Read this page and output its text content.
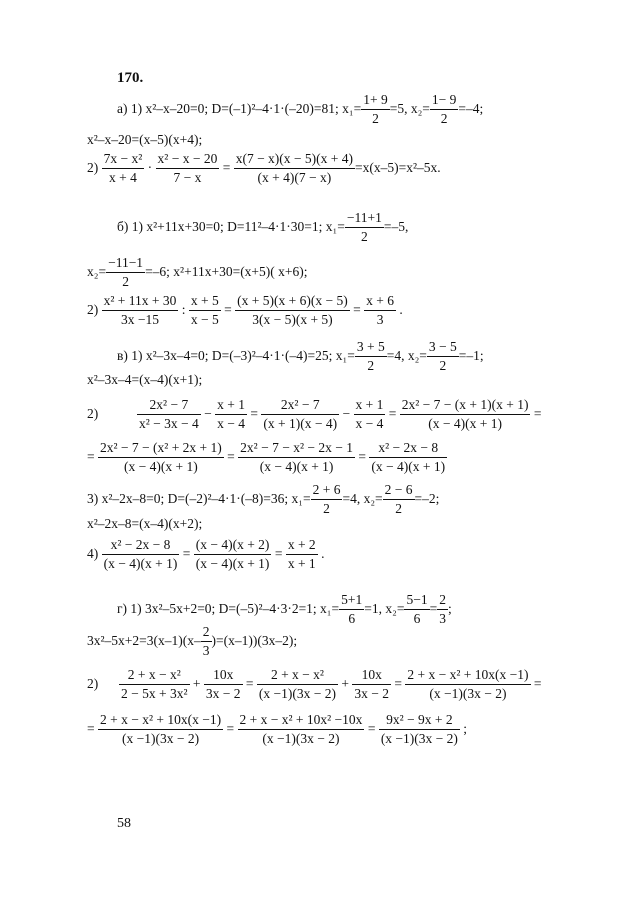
170.
а) 1) x²–x–20=0; D=(–1)²–4·1·(–20)=81; $x_1= \frac{1+ 9}{2} =5$, $x_2= \frac{1- 9}{2} =-4$;
x²–x–20=(x–5)(x+4);
$2) \frac{\text{7x − x²}}{x + 4} \cdot \frac{\text{x² − x − 20}}{7 - x} = \frac{x(7 - x)(x - 5)(x + 4)}{(x + 4)(7 - x)} =x(x-5)=x^2-5x$.
б) 1) x²+11x+30=0; D=11²–4·1·30=1; $x_1= \frac{-11+1}{2} =-5$,
$x_2= \frac{-11-1}{2} =-6$; x²+11x+30=(x+5)( x+6);
$2) \frac{\text{x² + 11x + 30}}{3x -15}$ : $\frac{x + 5}{x - 5} = \frac{(x + 5)(x + 6)(x - 5)}{3(x - 5)(x + 5)} = \frac{x + 6}{3}$ .
в) 1) x²–3x–4=0; D=(–3)²–4·1·(–4)=25; $x_1= \frac{3 + 5}{2} =4$, $x_2= \frac{3 - 5}{2} =-1$;
x²–3x–4=(x–4)(x+1);
2)	$\frac{\text{2x² − 7}}{\text{x² − 3x − 4}} - \frac{x + 1}{x - 4} = \frac{\text{2x² − 7}}{(x + 1)(x - 4)} - \frac{x + 1}{x - 4} = \frac{\text{2x² − 7 − (x + 1)(x + 1)}}{(x - 4)(x + 1)}$ =
= $\frac{\text{2x² − 7 − (x² + 2x + 1)}}{(x - 4)(x + 1)} = \frac{\text{2x² − 7 − x² − 2x − 1}}{(x - 4)(x + 1)} = \frac{\text{x² − 2x − 8}}{(x - 4)(x + 1)}$
3) x²–2x–8=0; D=(–2)²–4·1·(–8)=36; $x_1= \frac{2 + 6}{2} =4$, $x_2= \frac{2 - 6}{2} =-2$;
x²–2x–8=(x–4)(x+2);
$4) \frac{\text{x² − 2x − 8}}{(x - 4)(x + 1)} = \frac{(x - 4)(x + 2)}{(x - 4)(x + 1)} = \frac{x + 2}{x + 1}$ .
г) 1) 3x²–5x+2=0; D=(–5)²–4·3·2=1; $x_1= \frac{5+1}{6} =1$, $x_2= \frac{5-1}{6} = \frac{2}{3}$ ;
$3x^2-5x+2=3(x-1)(x- \frac{2}{3} )=(x-1))(3x-2)$;
$2) \frac{\text{2 + x − x²}}{\text{2 − 5x + 3x²}} + \frac{10x}{3x - 2} = \frac{\text{2 + x − x²}}{(x -1)(3x - 2)} + \frac{10x}{3x - 2} = \frac{\text{2 + x − x² + 10x(x −1)}}{(x -1)(3x - 2)}$ =
= $\frac{\text{2 + x − x² + 10x(x −1)}}{(x -1)(3x - 2)} = \frac{\text{2 + x − x² + 10x² −10x}}{(x -1)(3x - 2)} = \frac{\text{9x² − 9x + 2}}{(x -1)(3x - 2)}$ ;
58
